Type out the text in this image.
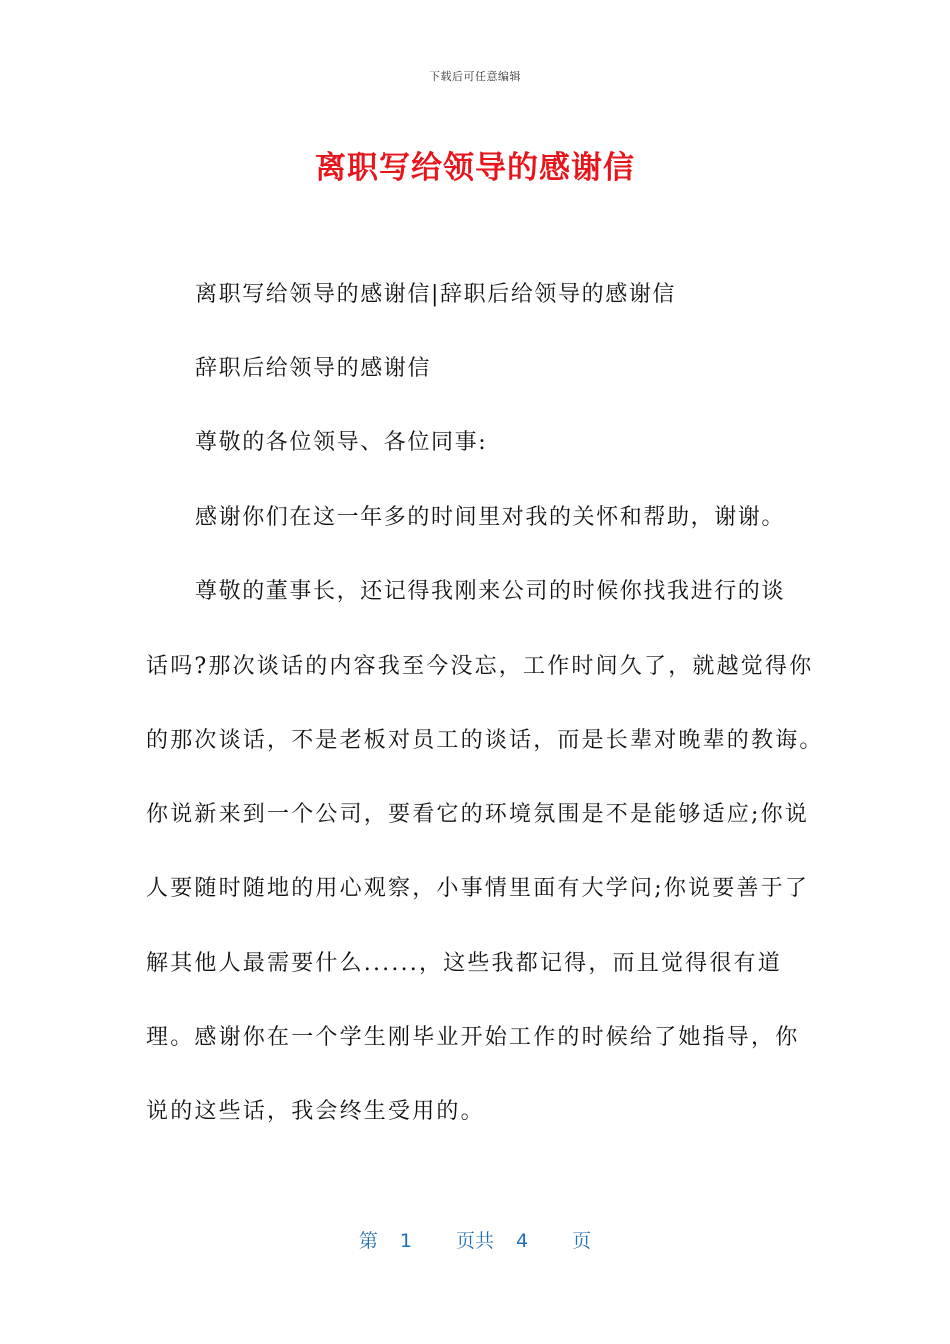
下载后可任意编辑
离职写给领导的感谢信
离职写给领导的感谢信|辞职后给领导的感谢信
辞职后给领导的感谢信
尊敬的各位领导、各位同事:
感谢你们在这一年多的时间里对我的关怀和帮助，谢谢。
尊敬的董事长，还记得我刚来公司的时候你找我进行的谈
话吗?那次谈话的内容我至今没忘，工作时间久了，就越觉得你
的那次谈话，不是老板对员工的谈话，而是长辈对晚辈的教诲。
你说新来到一个公司，要看它的环境氛围是不是能够适应;你说
人要随时随地的用心观察，小事情里面有大学问;你说要善于了
解其他人最需要什么......，这些我都记得，而且觉得很有道
理。感谢你在一个学生刚毕业开始工作的时候给了她指导，你
说的这些话，我会终生受用的。
第 1 页共 4 页
